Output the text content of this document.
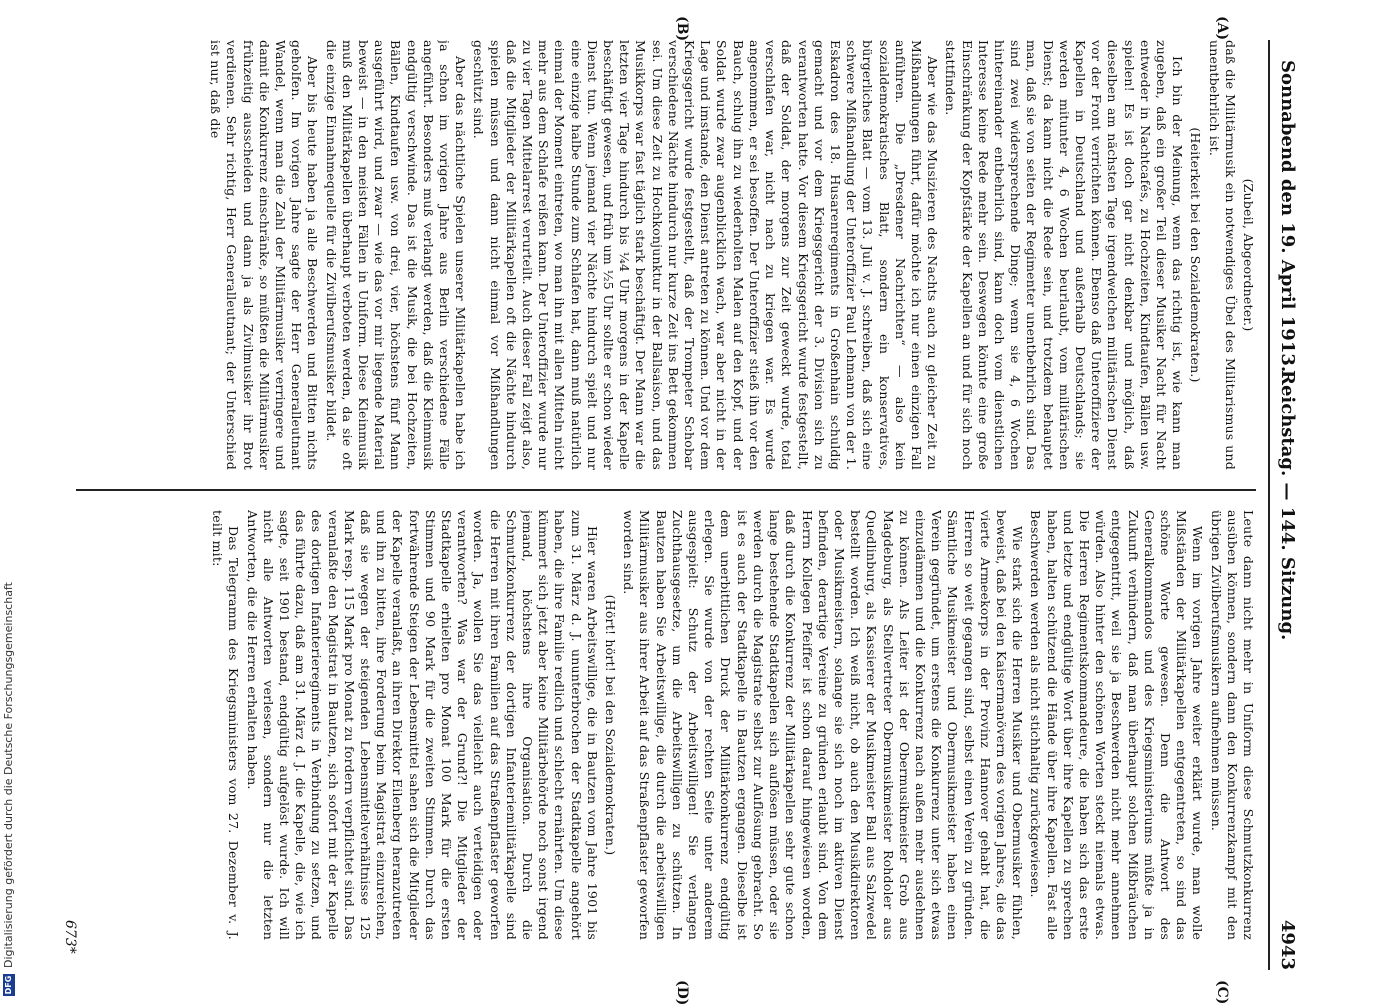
DFG
Digitalisierung gefördert durch die Deutsche Forschungsgemeinschaft
Sonnabend den 19. April 1913.
Reichstag. — 144. Sitzung.
4943
(A)
(B)
(C)
(D)

(Zubeil, Abgeordneter.)

daß die Militärmusik ein notwendiges Übel des Militarismus und unentbehrlich ist.

(Heiterkeit bei den Sozialdemokraten.)

Ich bin der Meinung, wenn das richtig ist, wie kann man zugeben, daß ein großer Teil dieser Musiker Nacht für Nacht entweder in Nachtcafés, zu Hochzeiten, Kindtaufen, Bällen usw. spielen! Es ist doch gar nicht denkbar und möglich, daß dieselben am nächsten Tage irgendwelchen militärischen Dienst vor der Front verrichten können. Ebenso daß Unteroffiziere der Kapellen in Deutschland und außerhalb Deutschlands; sie werden mitunter 4, 6 Wochen beurlaubt, vom militärischen Dienst; da kann nicht die Rede sein, und trotzdem behauptet man, daß sie von seiten der Regimenter unentbehrlich sind. Das sind zwei widersprechende Dinge; wenn sie 4, 6 Wochen hintereinander entbehrlich sind, kann doch vom dienstlichen Interesse keine Rede mehr sein. Deswegen könnte eine große Einschränkung der Kopfstärke der Kapellen an und für sich noch stattfinden.

Aber wie das Musizieren des Nachts auch zu gleicher Zeit zu Mißhandlungen führt, dafür möchte ich nur einen einzigen Fall anführen. Die „Dresdener Nachrichten“ — also kein sozialdemokratisches Blatt, sondern ein konservatives, bürgerliches Blatt — vom 13. Juli v. J. schreiben, daß sich eine schwere Mißhandlung der Unteroffizier Paul Lehmann von der 1. Eskadron des 18. Husarenregiments in Großenhain schuldig gemacht und vor dem Kriegsgericht der 3. Division sich zu verantworten hatte. Vor diesem Kriegsgericht wurde festgestellt, daß der Soldat, der morgens zur Zeit geweckt wurde, total verschlafen war, nicht nach zu kriegen war. Es wurde angenommen, er sei besoffen. Der Unteroffizier stieß ihn vor den Bauch, schlug ihn zu wiederholten Malen auf den Kopf, und der Soldat wurde zwar augenblicklich wach, war aber nicht in der Lage und imstande, den Dienst antreten zu können. Und vor dem Kriegsgericht wurde festgestellt, daß der Trompeter Schobar verschiedene Nächte hindurch nur kurze Zeit ins Bett gekommen sei. Um diese Zeit zu Hochkonjunktur in der Ballsaison, und das Musikkorps war fast täglich stark beschäftigt. Der Mann war die letzten vier Tage hindurch bis ¼4 Uhr morgens in der Kapelle beschäftigt gewesen, und früh um ½5 Uhr sollte er schon wieder Dienst tun. Wenn jemand vier Nächte hindurch spielt und nur eine einzige halbe Stunde zum Schlafen hat, dann muß natürlich einmal der Moment eintreten, wo man ihn mit allen Mitteln nicht mehr aus dem Schlafe reißen kann. Der Unteroffizier wurde nur zu vier Tagen Mittelarrest verurteilt. Auch dieser Fall zeigt also, daß die Mitglieder der Militärkapellen oft die Nächte hindurch spielen müssen und dann nicht einmal vor Mißhandlungen geschützt sind.

Aber das nächtliche Spielen unserer Militärkapellen habe ich ja schon im vorigen Jahre aus Berlin verschiedene Fälle angeführt. Besonders muß verlangt werden, daß die Kleinmusik endgültig verschwinde. Das ist die Musik, die bei Hochzeiten, Bällen, Kindtaufen usw. von drei, vier, höchstens fünf Mann ausgeführt wird, und zwar — wie das vor mir liegende Material beweist — in den meisten Fällen in Uniform. Diese Kleinmusik muß den Militärkapellen überhaupt verboten werden, da sie oft die einzige Einnahmequelle für die Zivilberufsmusiker bildet.

Aber bis heute haben ja alle Beschwerden und Bitten nichts geholfen. Im vorigen Jahre sagte der Herr Generalleutnant Wandel, wenn man die Zahl der Militärmusiker verringere und damit die Konkurrenz einschränke, so müßten die Militärmusiker frühzeitig ausscheiden und dann ja als Zivilmusiker ihr Brot verdienen. Sehr richtig, Herr Generalleutnant; der Unterschied ist nur, daß die

Leute dann nicht mehr in Uniform diese Schmutzkonkurrenz ausüben können, sondern dann den Konkurrenzkampf mit den übrigen Zivilberufsmusikern aufnehmen müssen.

Wenn im vorigen Jahre weiter erklärt wurde, man wolle Mißständen der Militärkapellen entgegentreten, so sind das schöne Worte gewesen. Denn die Antwort des Generalkommandos und des Kriegsministeriums müßte ja in Zukunft verhindern, daß man überhaupt solchen Mißbräuchen entgegentritt, weil sie ja Beschwerden nicht mehr annehmen würden. Also hinter den schönen Worten steckt niemals etwas. Die Herren Regimentskommandeure, die haben sich das erste und letzte und endgültige Wort über ihre Kapellen zu sprechen haben, halten schützend die Hände über ihre Kapellen. Fast alle Beschwerden werden als nicht stichhaltig zurückgewiesen.

Wie stark sich die Herren Musiker und Obermusiker fühlen, beweist, daß bei den Kaisermanövern des vorigen Jahres, die das vierte Armeekorps in der Provinz Hannover gehabt hat, die Herren so weit gegangen sind, selbst einen Verein zu gründen. Sämtliche Musikmeister und Obermusikmeister haben einen Verein gegründet, um erstens die Konkurrenz unter sich etwas einzudämmen und die Konkurrenz nach außen mehr ausdehnen zu können. Als Leiter ist der Obermusikmeister Grob aus Magdeburg, als Stellvertreter Obermusikmeister Rohdoler aus Quedlinburg, als Kassierer der Musikmeister Ball aus Salzwedel bestellt worden. Ich weiß nicht, ob auch den Musikdirektoren oder Musikmeistern, solange sie sich noch im aktiven Dienst befinden, derartige Vereine zu gründen erlaubt sind. Von dem Herrn Kollegen Pfeiffer ist schon darauf hingewiesen worden, daß durch die Konkurrenz der Militärkapellen sehr gute schon lange bestehende Stadtkapellen sich auflösen müssen, oder sie werden durch die Magistrate selbst zur Auflösung gebracht. So ist es auch der Stadtkapelle in Bautzen ergangen. Dieselbe ist dem unerbittlichen Druck der Militärkonkurrenz endgültig erlegen. Sie wurde von der rechten Seite unter anderem ausgespielt: Schutz der Arbeitswilligen! Sie verlangen Zuchthausgesetze, um die Arbeitswilligen zu schützen. In Bautzen haben Sie Arbeitswillige, die durch die arbeitswilligen Militärmusiker aus ihrer Arbeit auf das Straßenpflaster geworfen worden sind.

(Hört! hört! bei den Sozialdemokraten.)

Hier waren Arbeitswillige, die in Bautzen vom Jahre 1901 bis zum 31. März d. J. ununterbrochen der Stadtkapelle angehört haben, die ihre Familie redlich und schlecht ernährten. Um diese kümmert sich jetzt aber keine Militärbehörde noch sonst irgend jemand, höchstens ihre Organisation. Durch die Schmutzkonkurrenz der dortigen Infanteriemilitärkapelle sind die Herren mit ihren Familien auf das Straßenpflaster geworfen worden. Ja, wollen Sie das vielleicht auch verteidigen oder verantworten? Was war der Grund?! Die Mitglieder der Stadtkapelle erhielten pro Monat 100 Mark für die ersten Stimmen und 90 Mark für die zweiten Stimmen. Durch das fortwährende Steigen der Lebensmittel sahen sich die Mitglieder der Kapelle veranlaßt, an ihren Direktor Eilenberg heranzutreten und ihn zu bitten, ihre Forderung beim Magistrat einzureichen, daß sie wegen der steigenden Lebensmittelverhältnisse 125 Mark resp. 115 Mark pro Monat zu fordern verpflichtet sind. Das veranlaßte den Magistrat in Bautzen, sich sofort mit der Kapelle des dortigen Infanterieregiments in Verbindung zu setzen, und das führte dazu, daß am 31. März d. J. die Kapelle, die, wie ich sagte, seit 1901 bestand, endgültig aufgelöst wurde. Ich will nicht alle Antworten verlesen, sondern nur die letzten Antworten, die die Herren erhalten haben.

Das Telegramm des Kriegsministers vom 27. Dezember v. J. teilt mit:

673*
